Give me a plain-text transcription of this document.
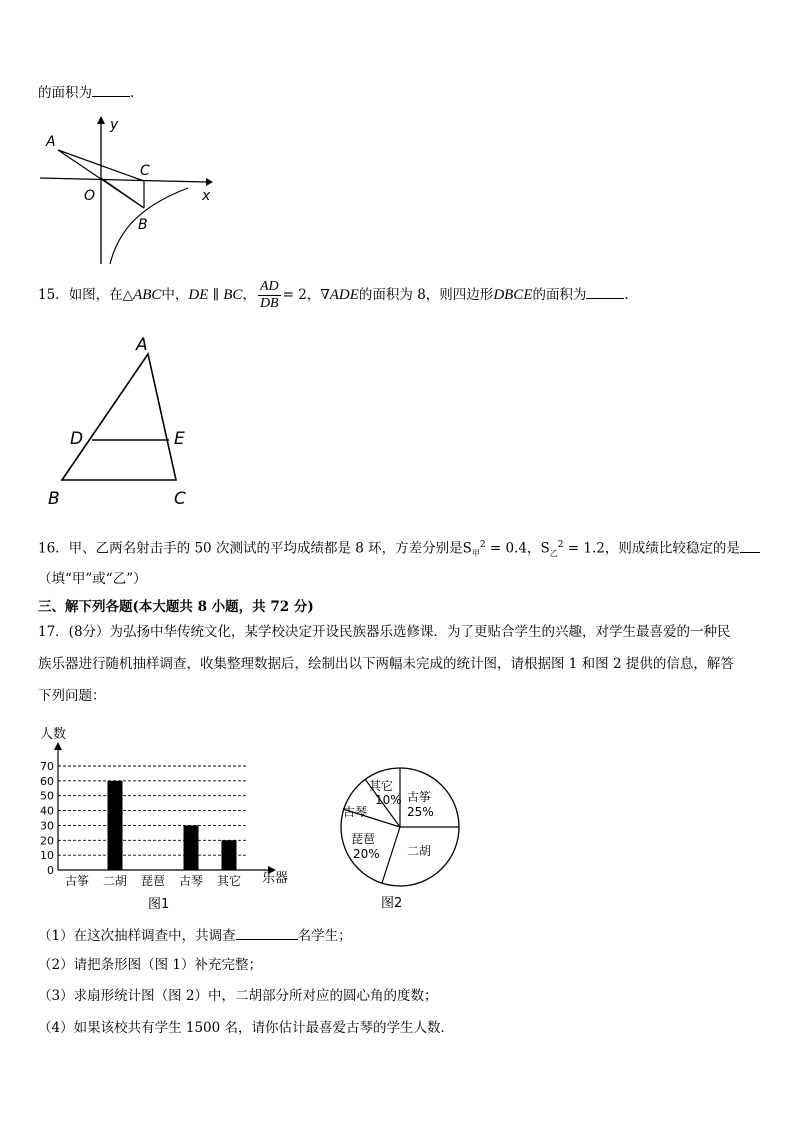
的面积为	.
A
C
O
B
x
y
15．如图，在△ABC中，DE ∥ BC， $\frac{AD}{DB} = 2$，∇ADE的面积为 8，则四边形DBCE的面积为	.
A
D	E
B	C
16．甲、乙两名射击手的 50 次测试的平均成绩都是 8 环，方差分别是$S_甲^2 = 0.4$，$S_乙^2 = 1.2$，则成绩比较稳定的是
（填“甲”或“乙”）
三、解下列各题(本大题共 8 小题，共 72 分)
17．(8分）为弘扬中华传统文化，某学校决定开设民族器乐选修课．为了更贴合学生的兴趣，对学生最喜爱的一种民
族乐器进行随机抽样调查，收集整理数据后，绘制出以下两幅未完成的统计图，请根据图 1 和图 2 提供的信息，解答
下列问题：
人数
乐器
图1
0
10
20
30
40
50
60
70
古筝 二胡 琵琶 古琴 其它
古筝
25%
二胡
琵琶
20%
古琴
其它
10%
图2
（1）在这次抽样调查中，共调查	名学生；
（2）请把条形图（图 1）补充完整；
（3）求扇形统计图（图 2）中，二胡部分所对应的圆心角的度数；
（4）如果该校共有学生 1500 名，请你估计最喜爱古琴的学生人数．
